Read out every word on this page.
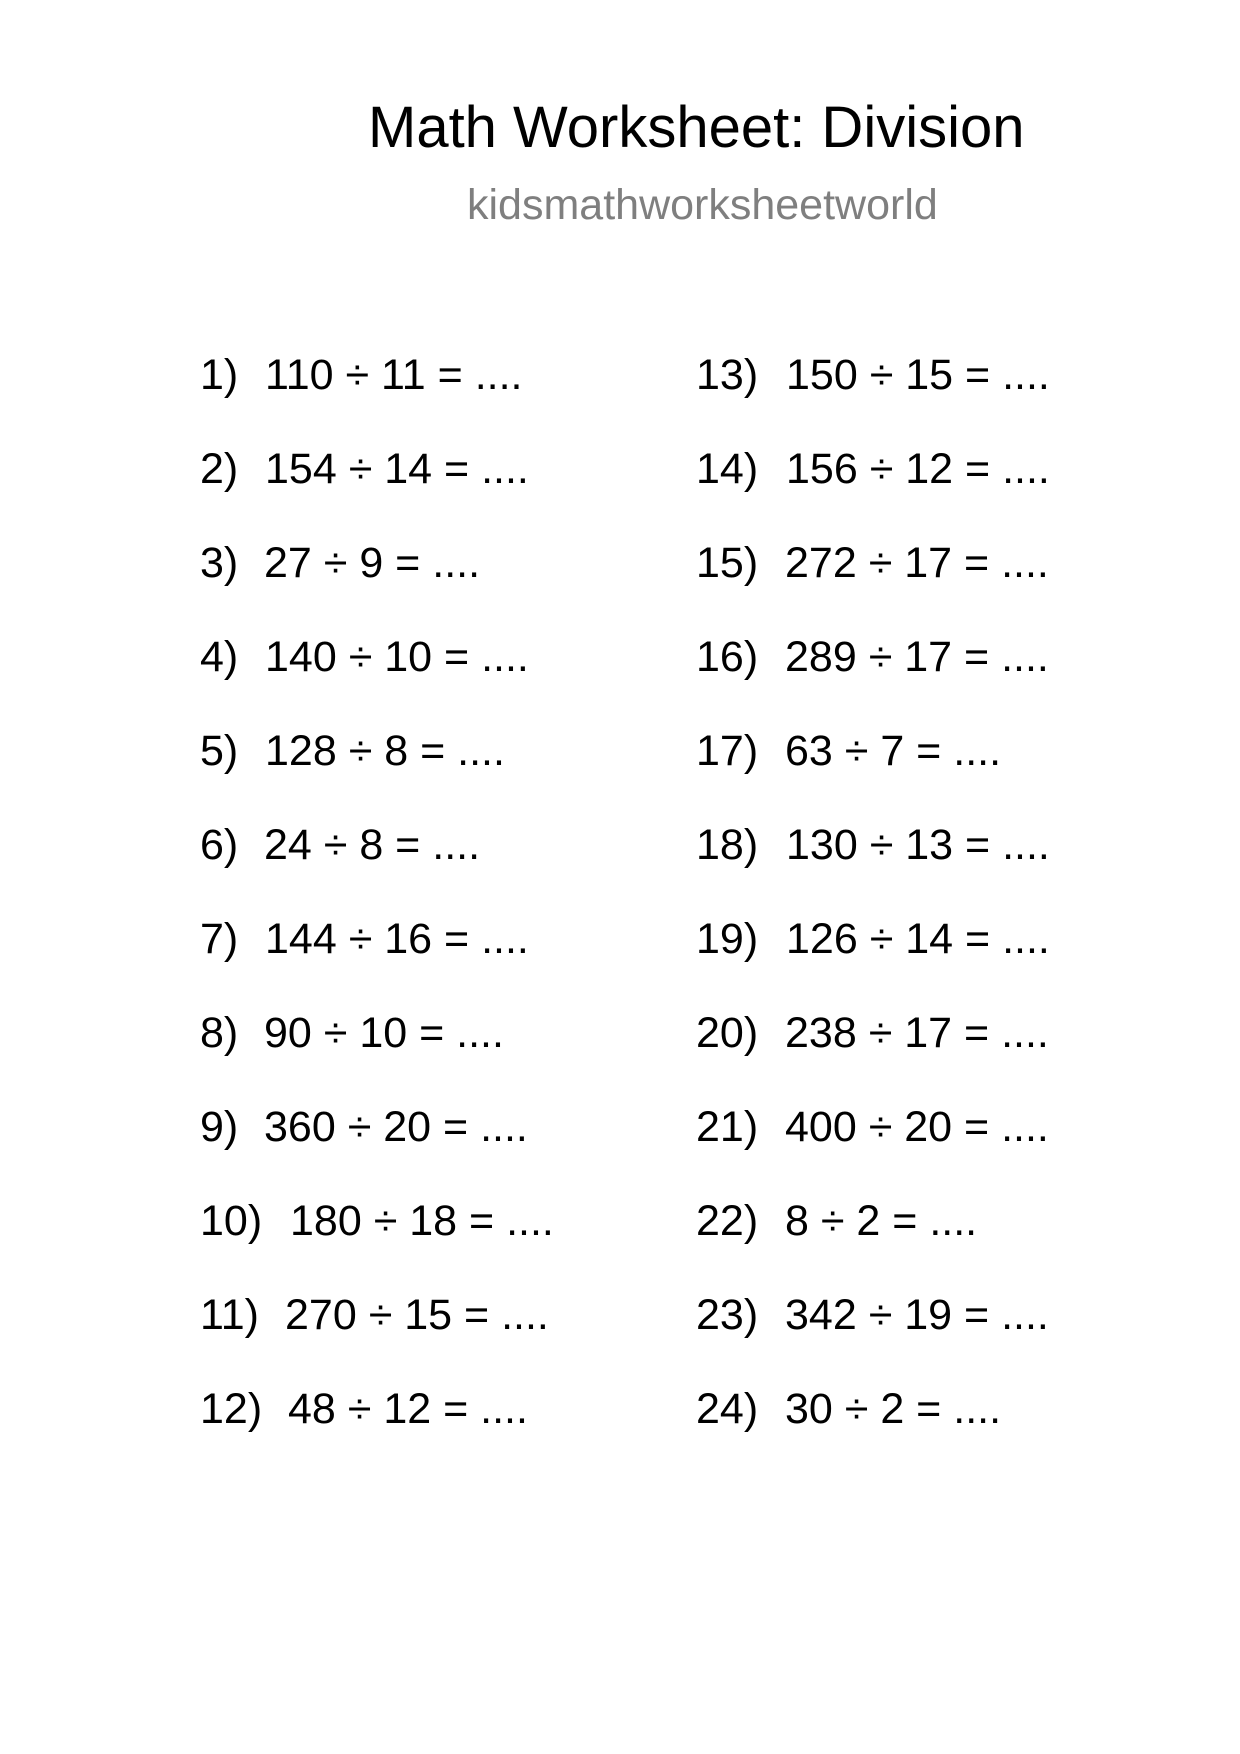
Math Worksheet: Division
kidsmathworksheetworld
1) 110 ÷ 11 = ....
2) 154 ÷ 14 = ....
3) 27 ÷ 9 = ....
4) 140 ÷ 10 = ....
5) 128 ÷ 8 = ....
6) 24 ÷ 8 = ....
7) 144 ÷ 16 = ....
8) 90 ÷ 10 = ....
9) 360 ÷ 20 = ....
10) 180 ÷ 18 = ....
11) 270 ÷ 15 = ....
12) 48 ÷ 12 = ....
13) 150 ÷ 15 = ....
14) 156 ÷ 12 = ....
15) 272 ÷ 17 = ....
16) 289 ÷ 17 = ....
17) 63 ÷ 7 = ....
18) 130 ÷ 13 = ....
19) 126 ÷ 14 = ....
20) 238 ÷ 17 = ....
21) 400 ÷ 20 = ....
22) 8 ÷ 2 = ....
23) 342 ÷ 19 = ....
24) 30 ÷ 2 = ....
